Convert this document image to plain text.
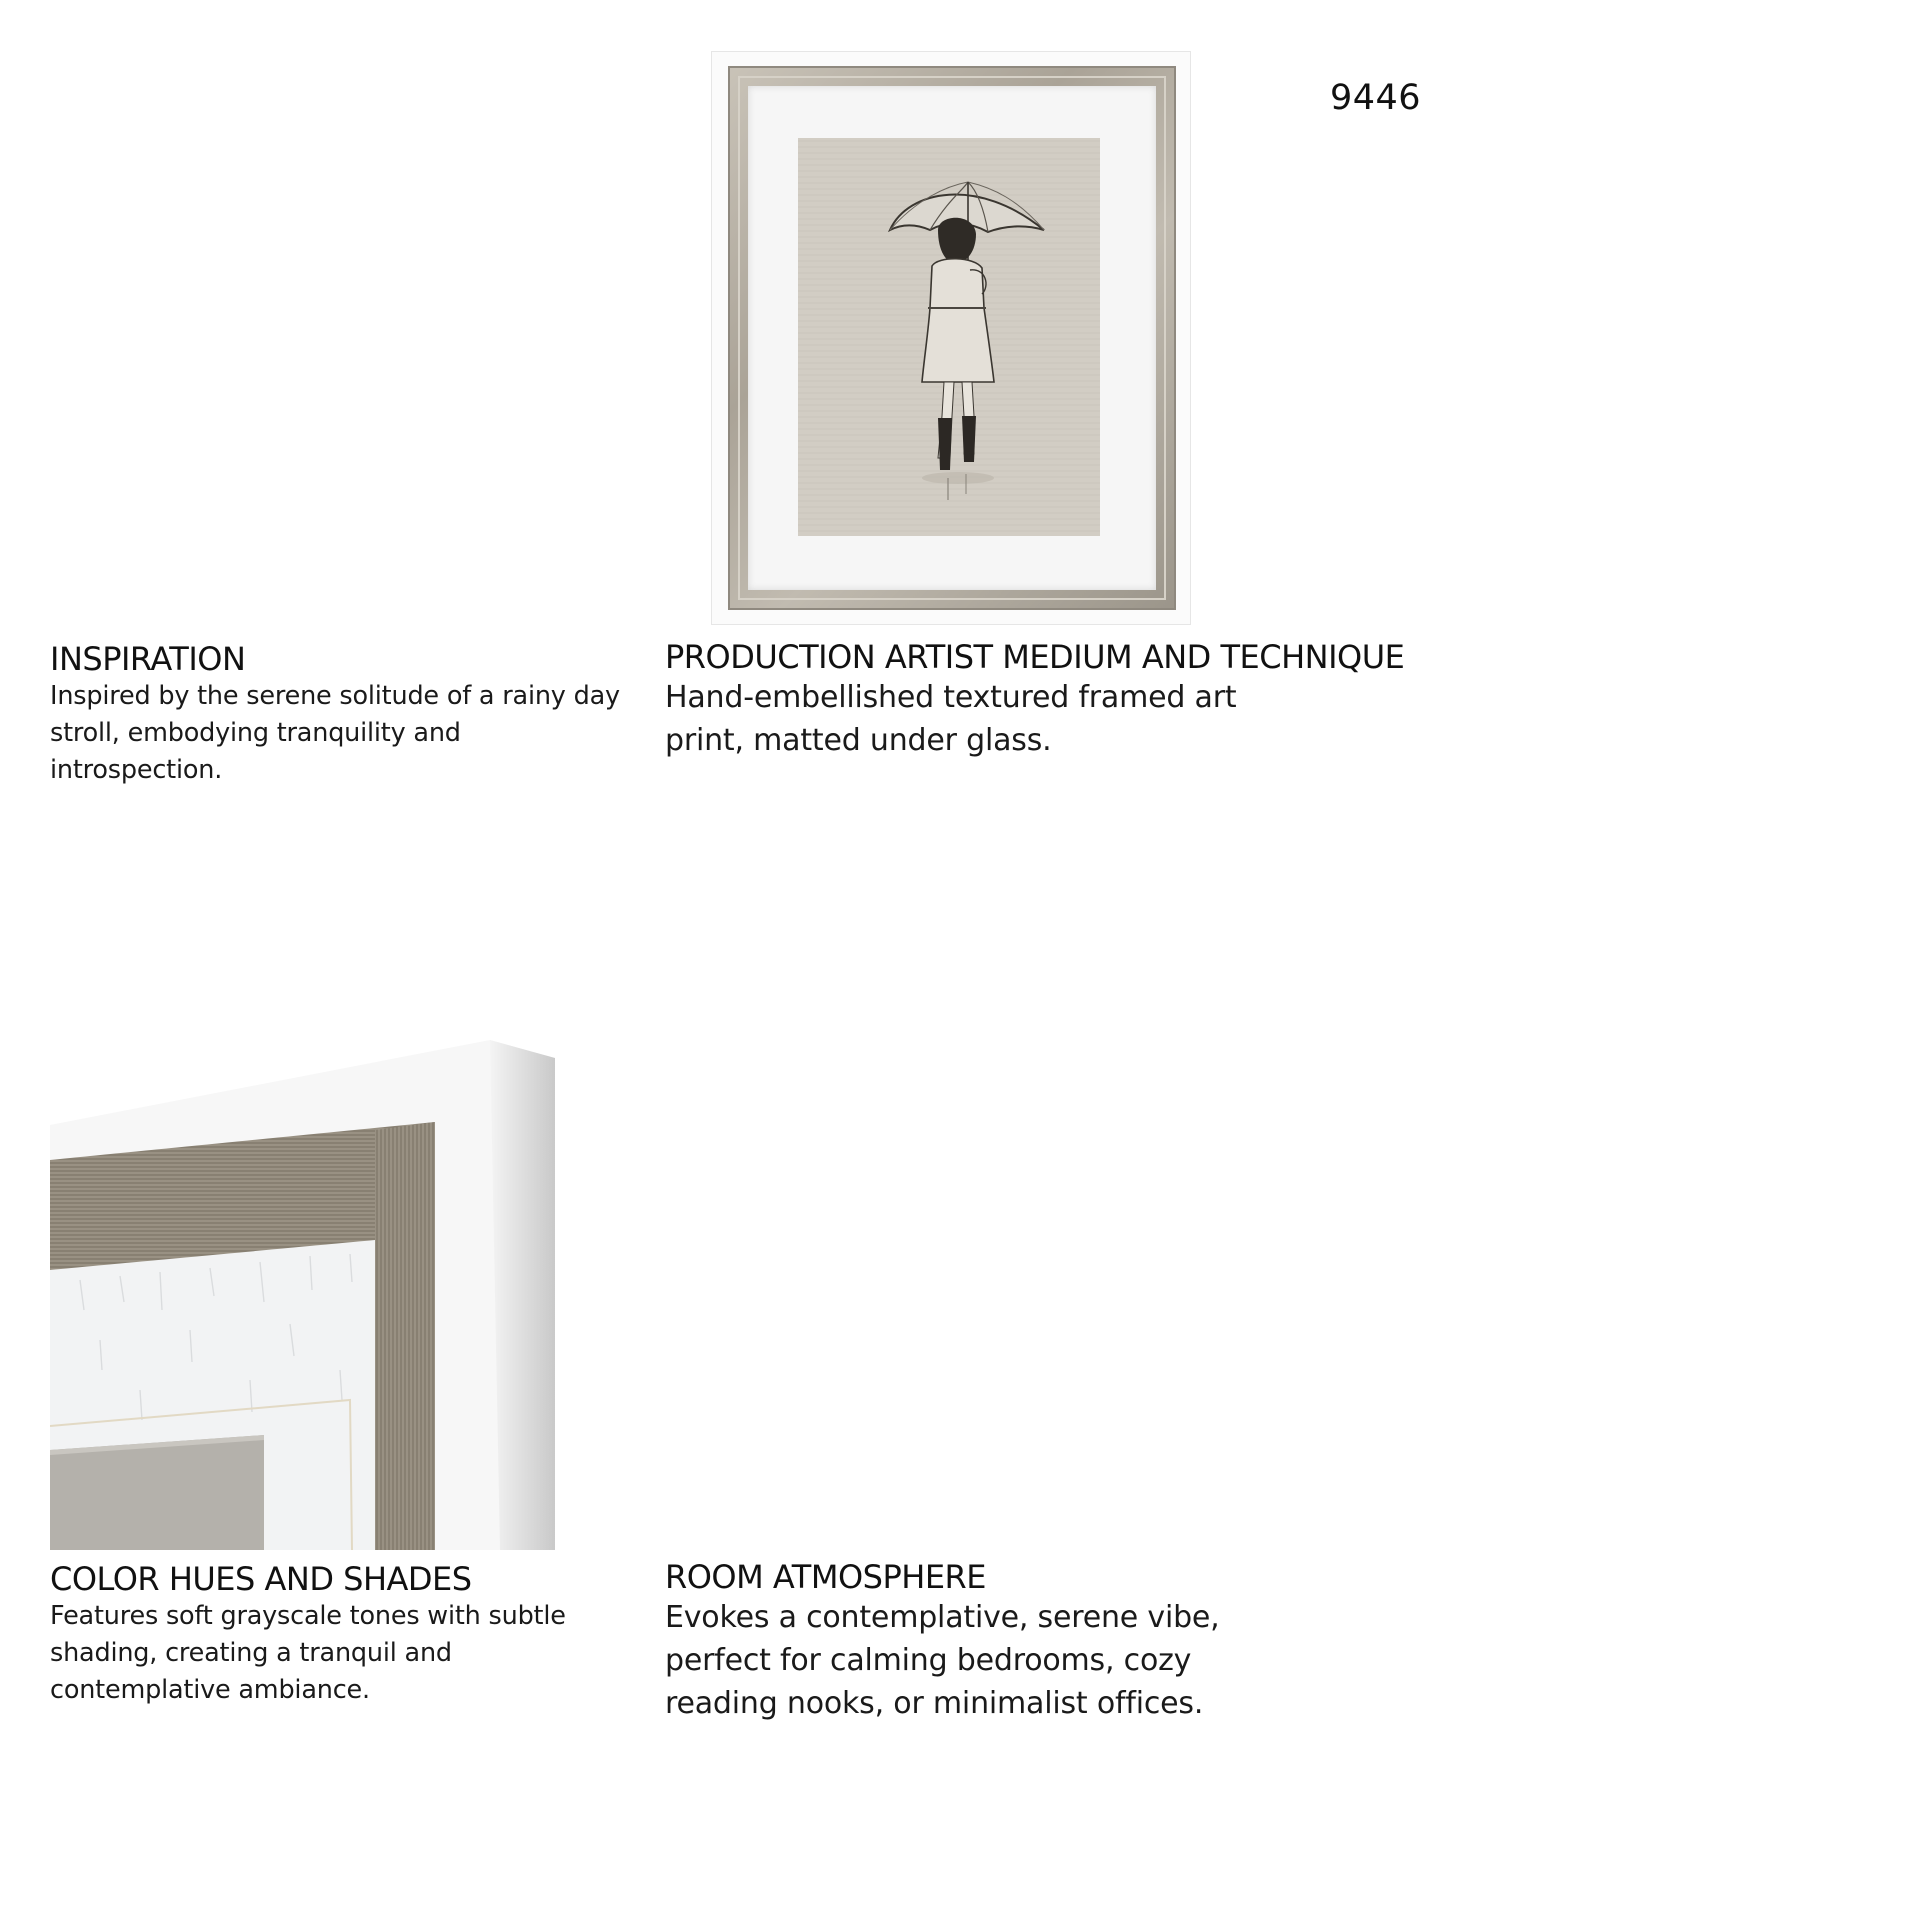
9446
INSPIRATION
Inspired by the serene solitude of a rainy day
stroll, embodying tranquility and
introspection.
PRODUCTION ARTIST MEDIUM AND TECHNIQUE
Hand-embellished textured framed art
print, matted under glass.
COLOR HUES AND SHADES
Features soft grayscale tones with subtle
shading, creating a tranquil and
contemplative ambiance.
ROOM ATMOSPHERE
Evokes a contemplative, serene vibe,
perfect for calming bedrooms, cozy
reading nooks, or minimalist offices.
